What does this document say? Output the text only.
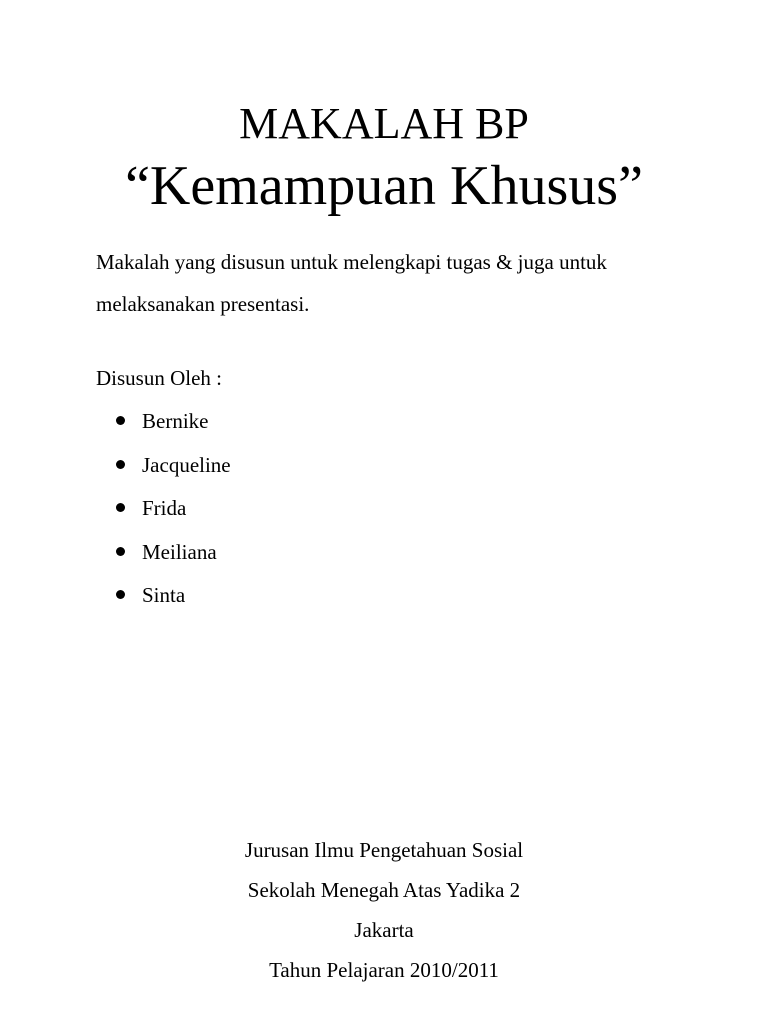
MAKALAH BP
“Kemampuan Khusus”

Makalah yang disusun untuk melengkapi tugas & juga untuk
melaksanakan presentasi.

Disusun Oleh :

Bernike
Jacqueline
Frida
Meiliana
Sinta
Jurusan Ilmu Pengetahuan Sosial
Sekolah Menegah Atas Yadika 2
Jakarta
Tahun Pelajaran 2010/2011
